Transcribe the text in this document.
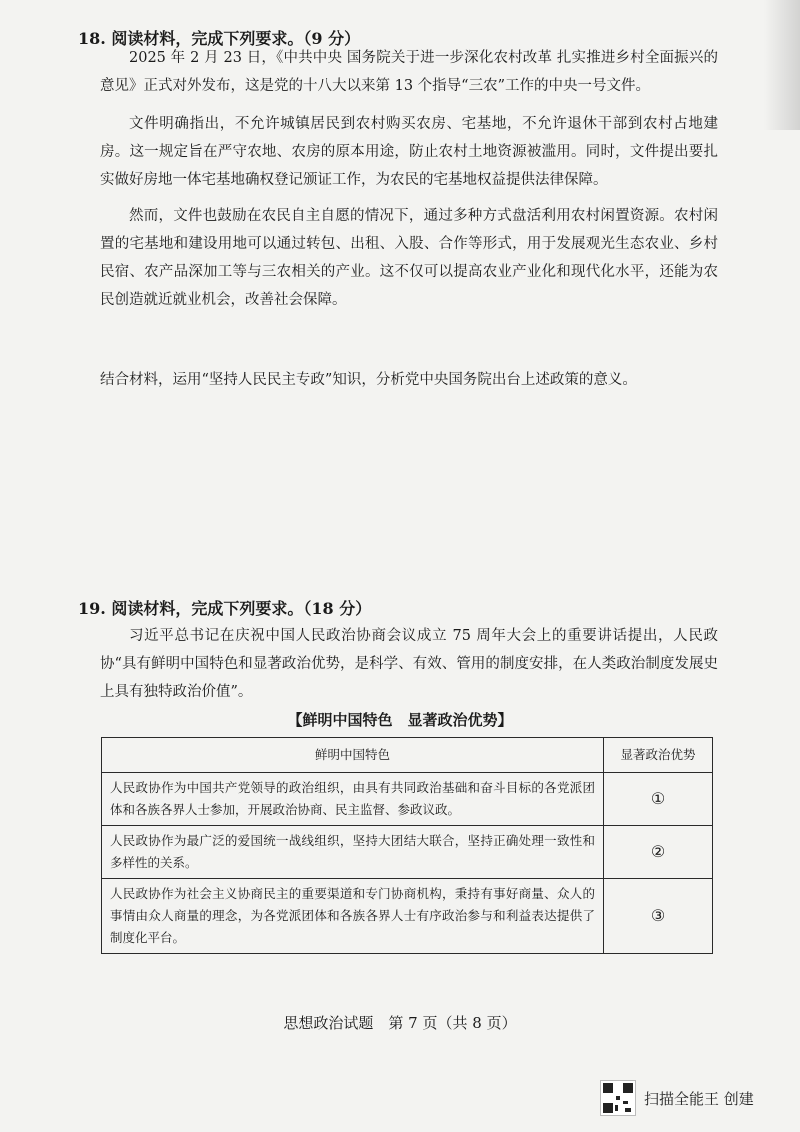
18. 阅读材料，完成下列要求。（9 分）

2025 年 2 月 23 日，《中共中央 国务院关于进一步深化农村改革 扎实推进乡村全面振兴的意见》正式对外发布，这是党的十八大以来第 13 个指导“三农”工作的中央一号文件。

文件明确指出，不允许城镇居民到农村购买农房、宅基地，不允许退休干部到农村占地建房。这一规定旨在严守农地、农房的原本用途，防止农村土地资源被滥用。同时，文件提出要扎实做好房地一体宅基地确权登记颁证工作，为农民的宅基地权益提供法律保障。

然而，文件也鼓励在农民自主自愿的情况下，通过多种方式盘活利用农村闲置资源。农村闲置的宅基地和建设用地可以通过转包、出租、入股、合作等形式，用于发展观光生态农业、乡村民宿、农产品深加工等与三农相关的产业。这不仅可以提高农业产业化和现代化水平，还能为农民创造就近就业机会，改善社会保障。

结合材料，运用“坚持人民民主专政”知识，分析党中央国务院出台上述政策的意义。
19. 阅读材料，完成下列要求。（18 分）

习近平总书记在庆祝中国人民政治协商会议成立 75 周年大会上的重要讲话提出，人民政协“具有鲜明中国特色和显著政治优势，是科学、有效、管用的制度安排，在人类政治制度发展史上具有独特政治价值”。

【鲜明中国特色　显著政治优势】
鲜明中国特色	显著政治优势
人民政协作为中国共产党领导的政治组织，由具有共同政治基础和奋斗目标的各党派团体和各族各界人士参加，开展政治协商、民主监督、参政议政。	①
人民政协作为最广泛的爱国统一战线组织，坚持大团结大联合，坚持正确处理一致性和多样性的关系。	②
人民政协作为社会主义协商民主的重要渠道和专门协商机构，秉持有事好商量、众人的事情由众人商量的理念，为各党派团体和各族各界人士有序政治参与和利益表达提供了制度化平台。	③
思想政治试题　第 7 页（共 8 页）
扫描全能王 创建
